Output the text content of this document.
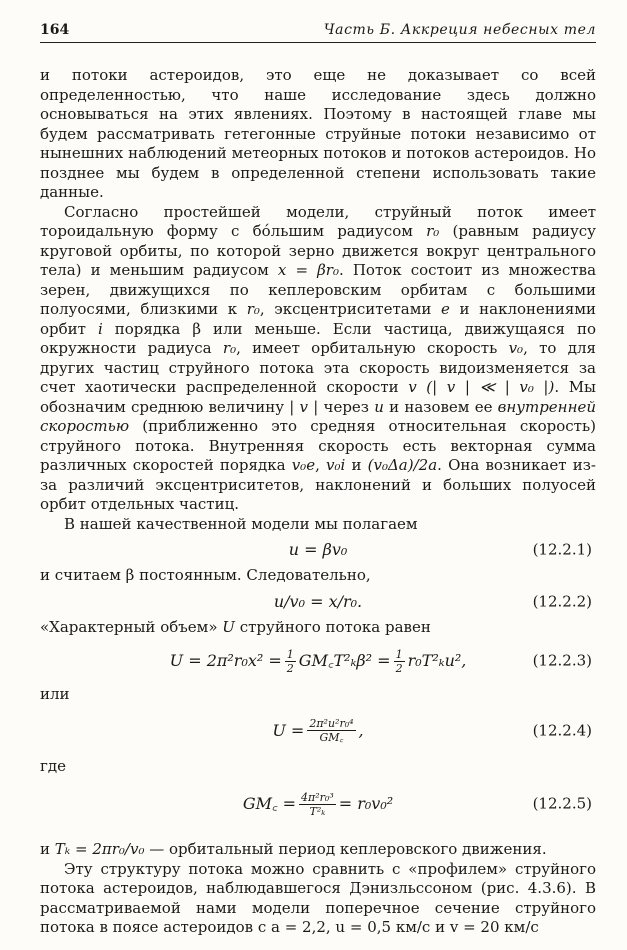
164	Часть Б. Аккреция небесных тел

и потоки астероидов, это еще не доказывает со всей определенностью, что наше исследование здесь должно основываться на этих явлениях. Поэтому в настоящей главе мы будем рассматривать гетегонные струйные потоки независимо от нынешних наблюдений метеорных потоков и потоков астероидов. Но позднее мы будем в определенной степени использовать такие данные.

Согласно простейшей модели, струйный поток имеет тороидальную форму с бóльшим радиусом r₀ (равным радиусу круговой орбиты, по которой зерно движется вокруг центрального тела) и меньшим радиусом x = βr₀. Поток состоит из множества зерен, движущихся по кеплеровским орбитам с большими полуосями, близкими к r₀, эксцентриситетами e и наклонениями орбит i порядка β или меньше. Если частица, движущаяся по окружности радиуса r₀, имеет орбитальную скорость v₀, то для других частиц струйного потока эта скорость видоизменяется за счет хаотически распределенной скорости v (| v | ≪ | v₀ |). Мы обозначим среднюю величину | v | через u и назовем ее внутренней скоростью (приближенно это средняя относительная скорость) струйного потока. Внутренняя скорость есть векторная сумма различных скоростей порядка v₀e, v₀i и (v₀Δa)/2a. Она возникает из-за различий эксцентриситетов, наклонений и больших полуосей орбит отдельных частиц.

В нашей качественной модели мы полагаем

u = βv₀	(12.2.1)

и считаем β постоянным. Следовательно,

u/v₀ = x/r₀.	(12.2.2)

«Характерный объем» U струйного потока равен

$U = 2\pi^2r_0x^2 = \frac{1}{2}$ GM꜀T²ₖβ² = $\frac{1}{2} r_0T^2_ku^2$,	(12.2.3)

или

$U = \frac{\text{2π²u²r₀⁴}}{GM꜀}$ ,	(12.2.4)

где

GM꜀ = $\frac{\text{4π²r₀³}}{\text{T²ₖ}} = r_0v_0^2$	(12.2.5)

и Tₖ = 2πr₀/v₀ — орбитальный период кеплеровского движения.

Эту структуру потока можно сравнить с «профилем» струйного потока астероидов, наблюдавшегося Дэнизльссоном (рис. 4.3.6). В рассматриваемой нами модели поперечное сечение струйного потока в поясе астероидов с a = 2,2, u = 0,5 км/с и v = 20 км/с
